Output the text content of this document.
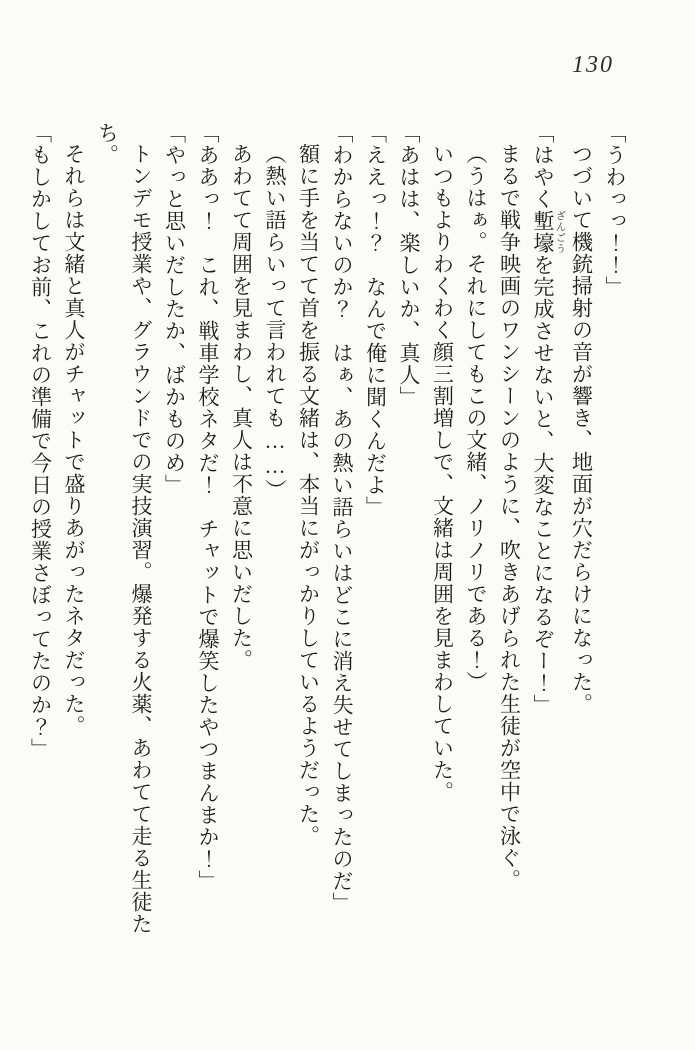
130

「うわっっ！！」

つづいて機銃掃射の音が響き、地面が穴だらけになった。

「はやく塹壕ざんごうを完成させないと、大変なことになるぞー！」

まるで戦争映画のワンシーンのように、吹きあげられた生徒が空中で泳ぐ。

（うはぁ。それにしてもこの文緒、ノリノリである！）

いつもよりわくわく顔三割増しで、文緒は周囲を見まわしていた。

「あはは、楽しいか、真人」

「ええっ！？　なんで俺に聞くんだよ」

「わからないのか？　はぁ、あの熱い語らいはどこに消え失せてしまったのだ」

額に手を当てて首を振る文緒は、本当にがっかりしているようだった。

（熱い語らいって言われても……）

あわてて周囲を見まわし、真人は不意に思いだした。

「ああっ！　これ、戦車学校ネタだ！　チャットで爆笑したやつまんまか！」

「やっと思いだしたか、ばかものめ」

トンデモ授業や、グラウンドでの実技演習。爆発する火薬、あわてて走る生徒たち。

それらは文緒と真人がチャットで盛りあがったネタだった。

「もしかしてお前、これの準備で今日の授業さぼってたのか？」
